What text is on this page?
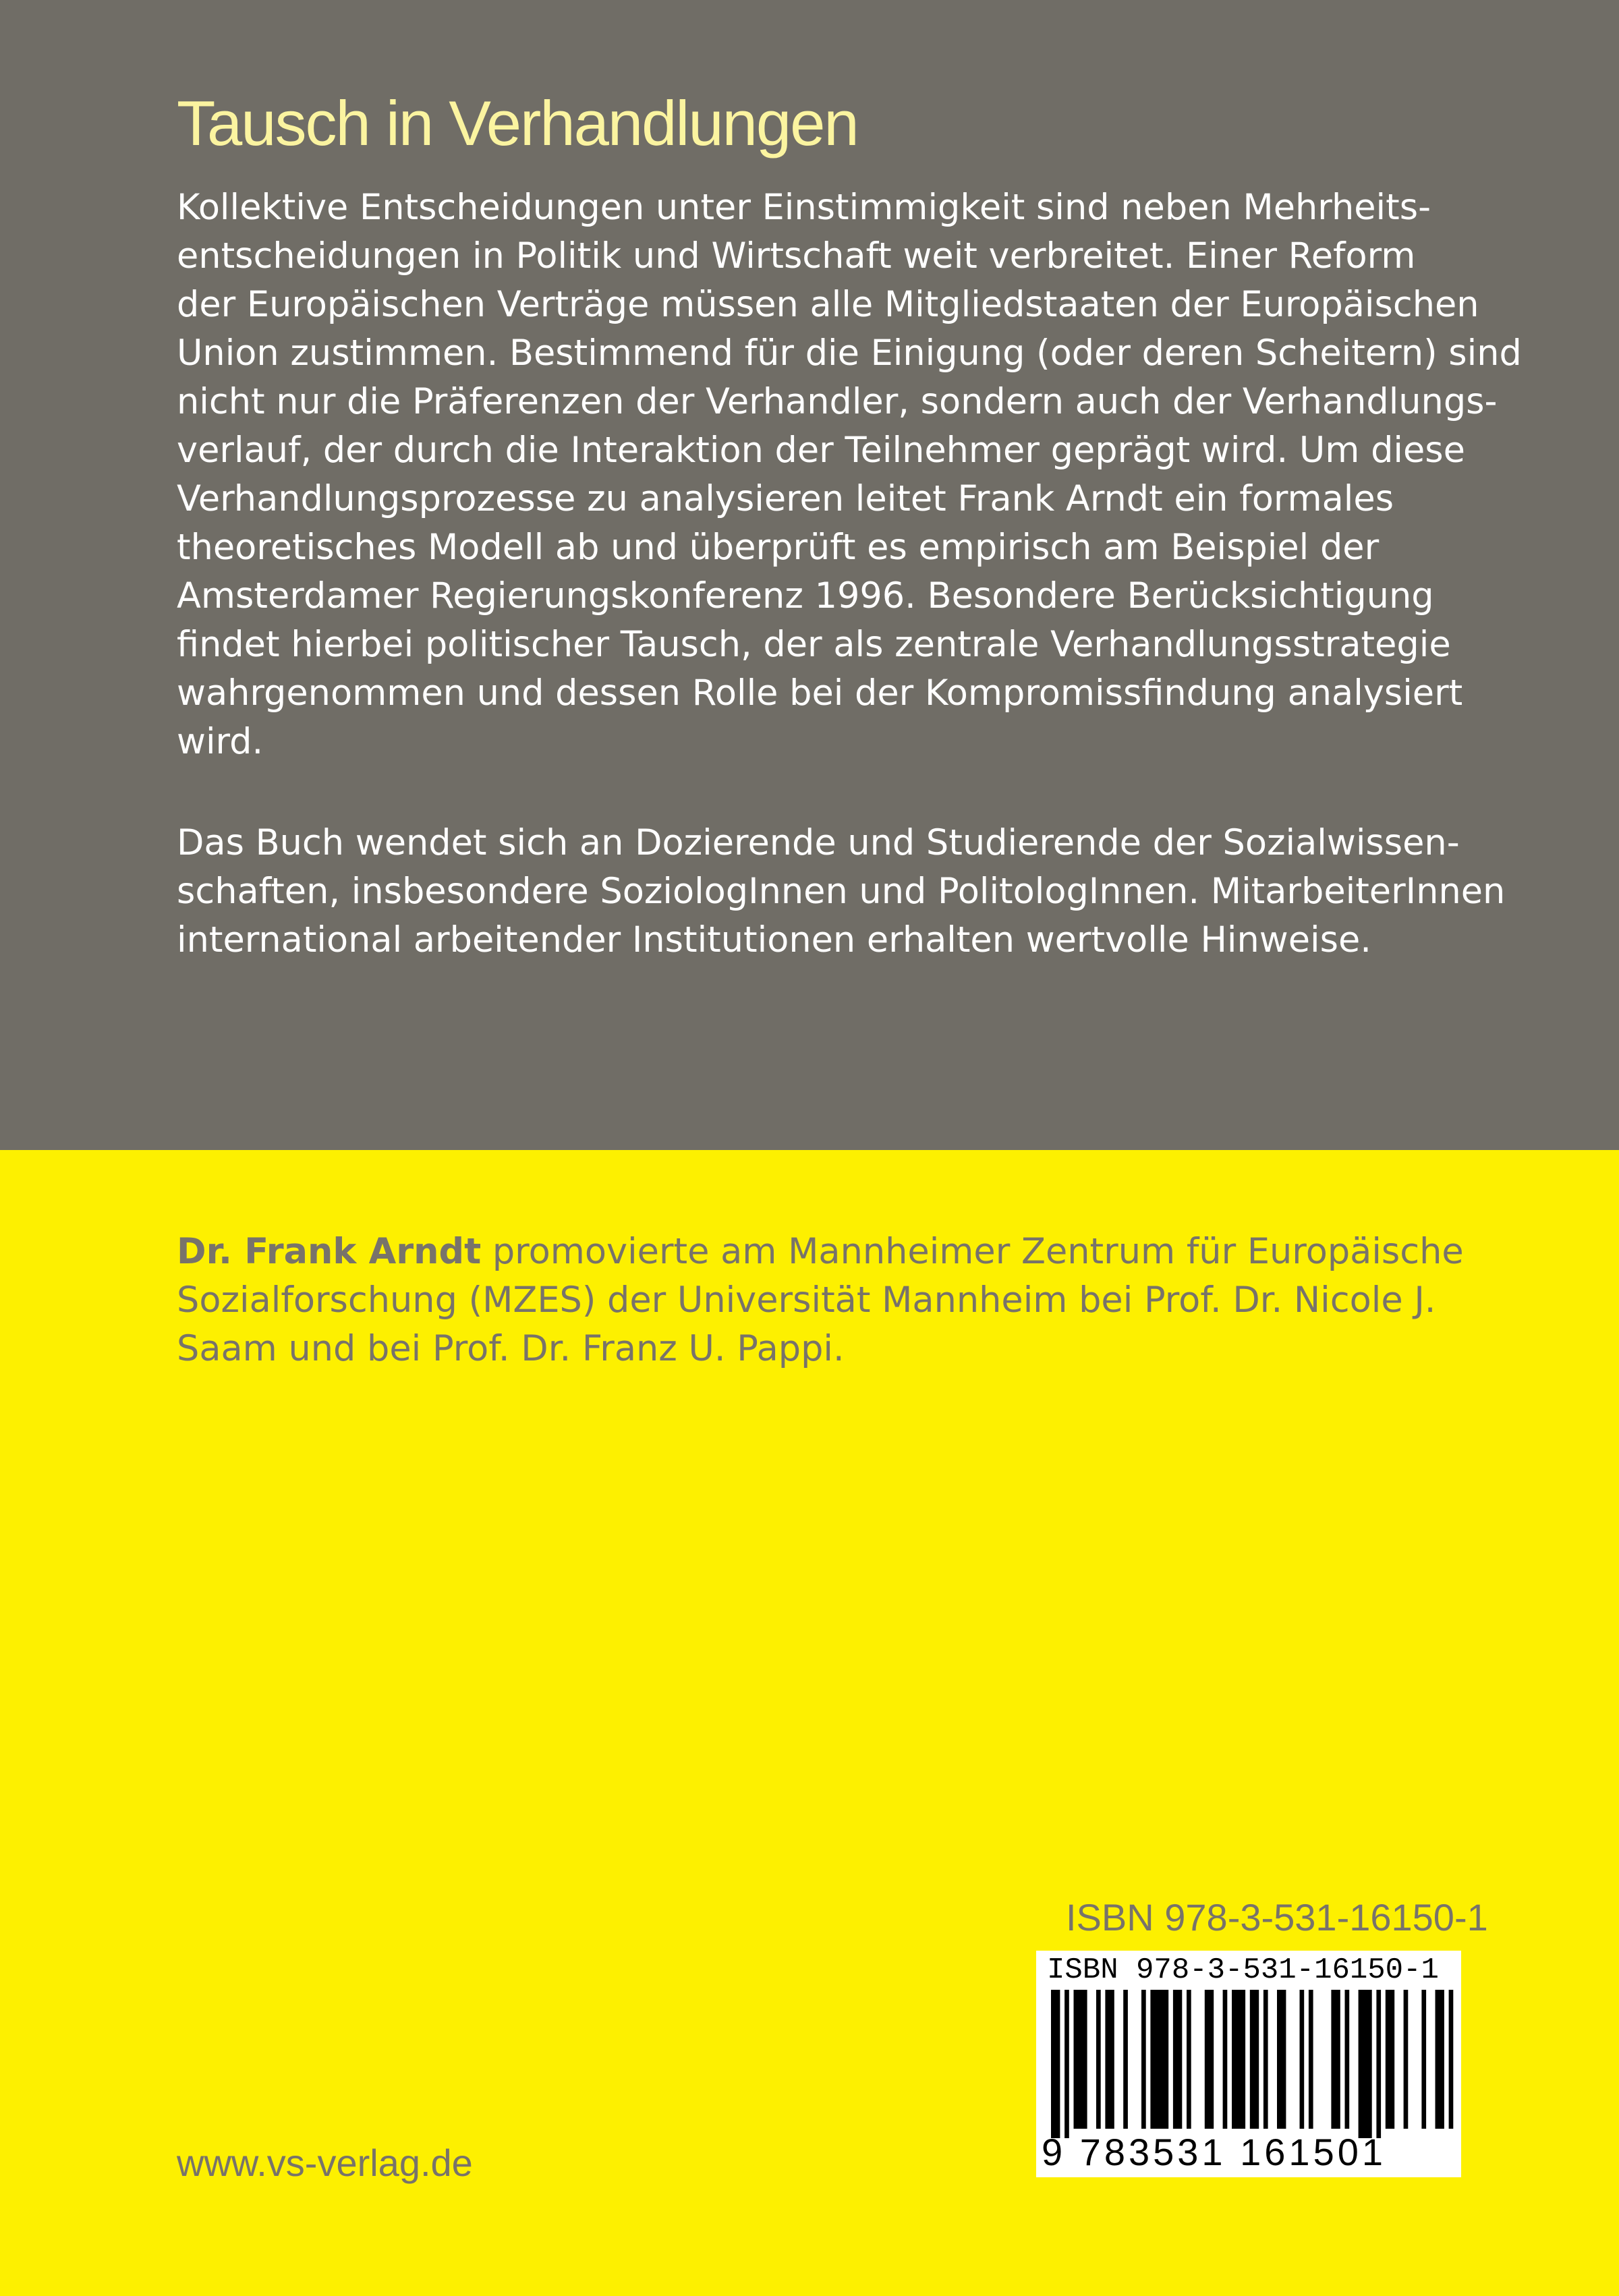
Tausch in Verhandlungen
Kollektive Entscheidungen unter Einstimmigkeit sind neben Mehrheits-
entscheidungen in Politik und Wirtschaft weit verbreitet. Einer Reform
der Europäischen Verträge müssen alle Mitgliedstaaten der Europäischen
Union zustimmen. Bestimmend für die Einigung (oder deren Scheitern) sind
nicht nur die Präferenzen der Verhandler, sondern auch der Verhandlungs-
verlauf, der durch die Interaktion der Teilnehmer geprägt wird. Um diese
Verhandlungsprozesse zu analysieren leitet Frank Arndt ein formales
theoretisches Modell ab und überprüft es empirisch am Beispiel der
Amsterdamer Regierungskonferenz 1996. Besondere Berücksichtigung
findet hierbei politischer Tausch, der als zentrale Verhandlungsstrategie
wahrgenommen und dessen Rolle bei der Kompromissfindung analysiert
wird.
Das Buch wendet sich an Dozierende und Studierende der Sozialwissen-
schaften, insbesondere SoziologInnen und PolitologInnen. MitarbeiterInnen
international arbeitender Institutionen erhalten wertvolle Hinweise.
Dr. Frank Arndt promovierte am Mannheimer Zentrum für Europäische
Sozialforschung (MZES) der Universität Mannheim bei Prof. Dr. Nicole J.
Saam und bei Prof. Dr. Franz U. Pappi.
ISBN 978-3-531-16150-1
ISBN 978-3-531-16150-1
9 783531 161501
www.vs-verlag.de
